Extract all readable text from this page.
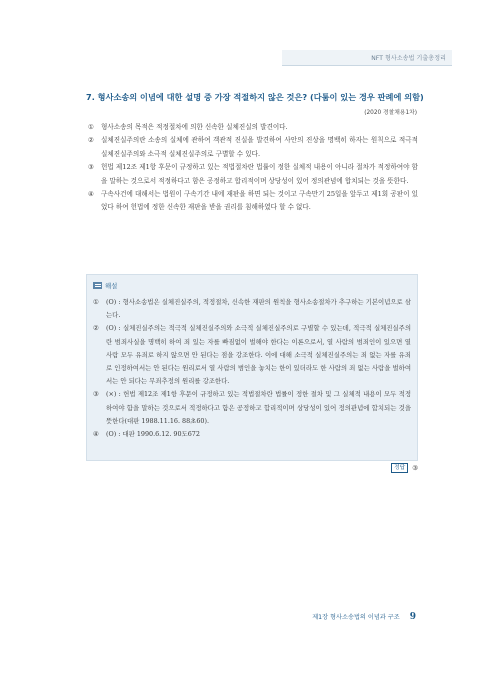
NFT 형사소송법 기출총정리
7. 형사소송의 이념에 대한 설명 중 가장 적절하지 않은 것은? (다툼이 있는 경우 판례에 의함)
(2020 경찰채용1차)
①	형사소송의 목적은 적정절차에 의한 신속한 실체진실의 발견이다.
②	실체진실주의란 소송의 실체에 관하여 객관적 진실을 발견하여 사안의 진상을 명백히 하자는 원칙으로 적극적 실체진실주의와 소극적 실체진실주의로 구별할 수 있다.
③	헌법 제12조 제1항 후문이 규정하고 있는 적법절차란 법률이 정한 실체적 내용이 아니라 절차가 적정하여야 함을 말하는 것으로서 적정하다고 함은 공정하고 합리적이며 상당성이 있어 정의관념에 합치되는 것을 뜻한다.
④	구속사건에 대해서는 법원이 구속기간 내에 재판을 하면 되는 것이고 구속만기 25일을 앞두고 제1회 공판이 있었다 하여 헌법에 정한 신속한 재판을 받을 권리를 침해하였다 할 수 없다.
해설
①	(O) : 형사소송법은 실체진실주의, 적정절차, 신속한 재판의 원칙을 형사소송절차가 추구하는 기본이념으로 삼는다.
②	(O) : 실체진실주의는 적극적 실체진실주의와 소극적 실체진실주의로 구별할 수 있는데, 적극적 실체진실주의란 범죄사실을 명백히 하여 죄 있는 자를 빠짐없이 벌해야 한다는 이론으로서, 열 사람의 범죄인이 있으면 열 사람 모두 유죄로 하지 않으면 안 된다는 점을 강조한다. 이에 대해 소극적 실체진실주의는 죄 없는 자를 유죄로 인정하여서는 안 된다는 원리로서 열 사람의 범인을 놓치는 한이 있더라도 한 사람의 죄 없는 사람을 벌하여서는 안 되다는 무죄추정의 원리를 강조한다.
③	(×) : 헌법 제12조 제1항 후문이 규정하고 있는 적법절차란 법률이 정한 절차 및 그 실체적 내용이 모두 적정하여야 함을 말하는 것으로서 적정하다고 함은 공정하고 합리적이며 상당성이 있어 정의관념에 합치되는 것을 뜻한다(대판 1988.11.16. 88초60).
④	(O) : 대판 1990.6.12. 90도672
정답	③
제1장 형사소송법의 이념과 구조 9
